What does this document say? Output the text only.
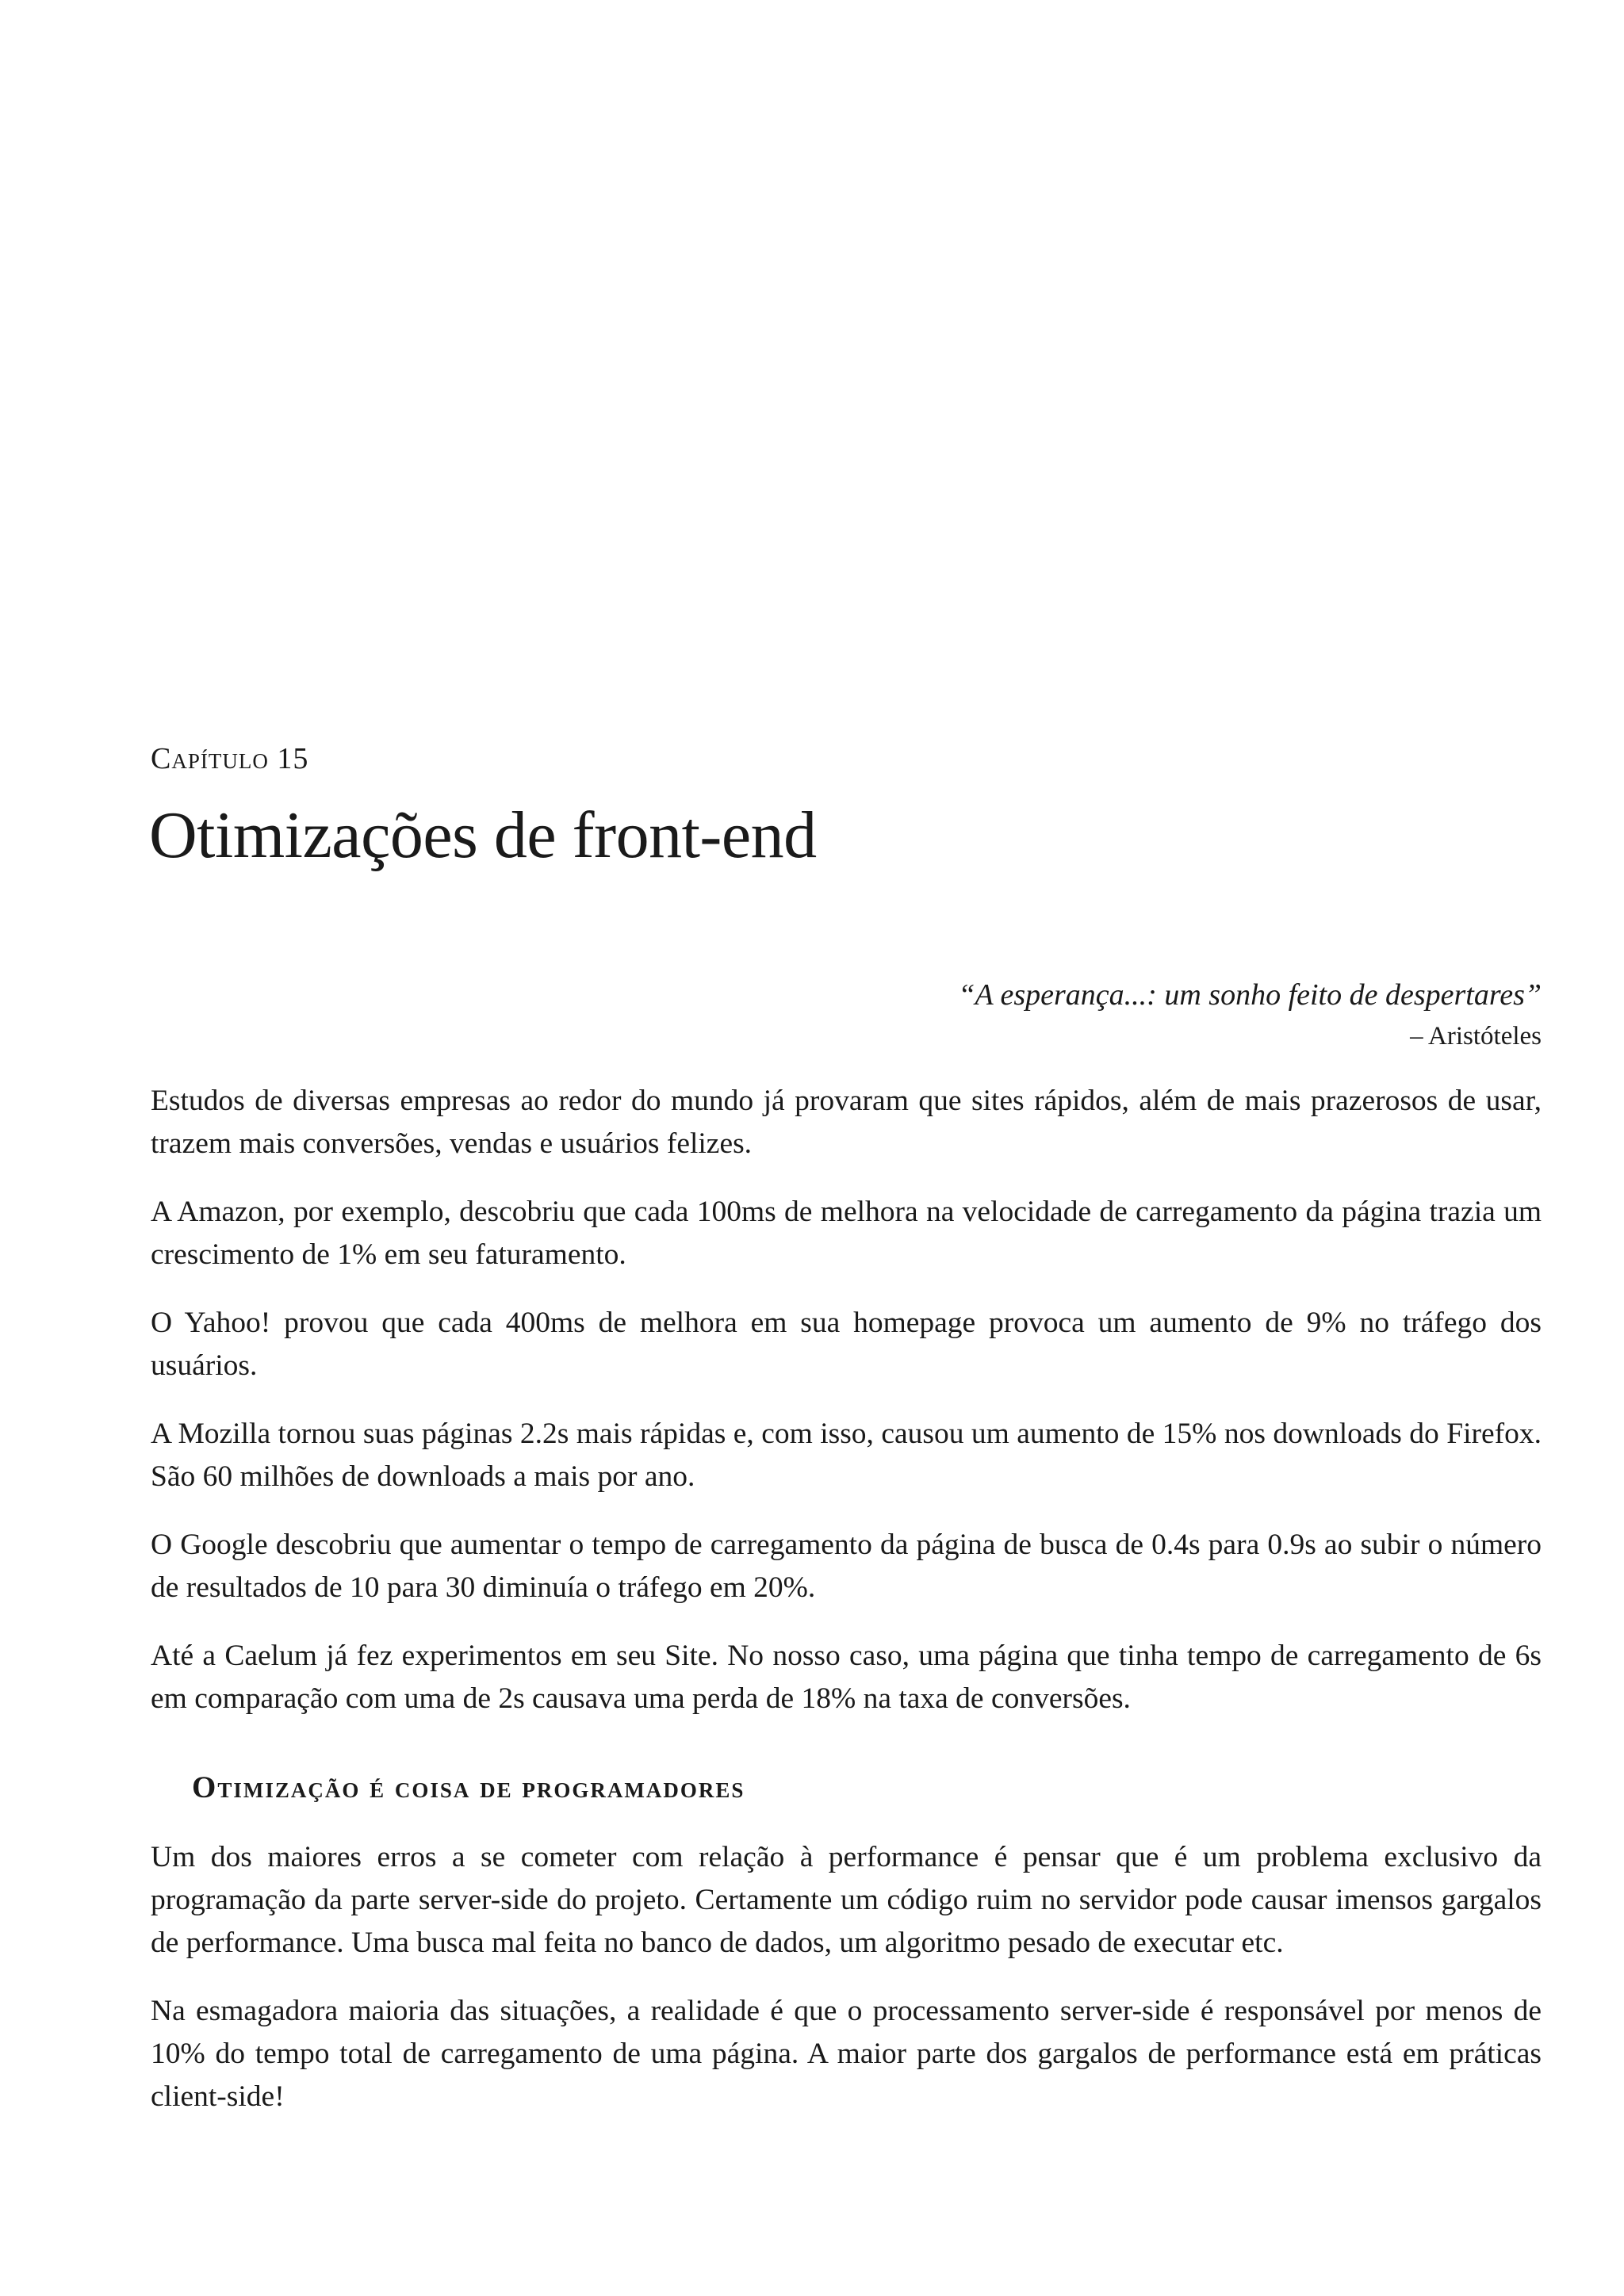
Capítulo 15

Otimizações de front-end

“A esperança...: um sonho feito de despertares”

– Aristóteles

Estudos de diversas empresas ao redor do mundo já provaram que sites rápidos, além de mais prazerosos de usar, trazem mais conversões, vendas e usuários felizes.

A Amazon, por exemplo, descobriu que cada 100ms de melhora na velocidade de carregamento da página trazia um crescimento de 1% em seu faturamento.

O Yahoo! provou que cada 400ms de melhora em sua homepage provoca um aumento de 9% no tráfego dos usuários.

A Mozilla tornou suas páginas 2.2s mais rápidas e, com isso, causou um aumento de 15% nos downloads do Firefox. São 60 milhões de downloads a mais por ano.

O Google descobriu que aumentar o tempo de carregamento da página de busca de 0.4s para 0.9s ao subir o número de resultados de 10 para 30 diminuía o tráfego em 20%.

Até a Caelum já fez experimentos em seu Site. No nosso caso, uma página que tinha tempo de carregamento de 6s em comparação com uma de 2s causava uma perda de 18% na taxa de conversões.

Otimização é coisa de programadores

Um dos maiores erros a se cometer com relação à performance é pensar que é um problema exclusivo da programação da parte server-side do projeto. Certamente um código ruim no servidor pode causar imensos gargalos de performance. Uma busca mal feita no banco de dados, um algoritmo pesado de executar etc.

Na esmagadora maioria das situações, a realidade é que o processamento server-side é responsável por menos de 10% do tempo total de carregamento de uma página. A maior parte dos gargalos de performance está em práticas client-side!
